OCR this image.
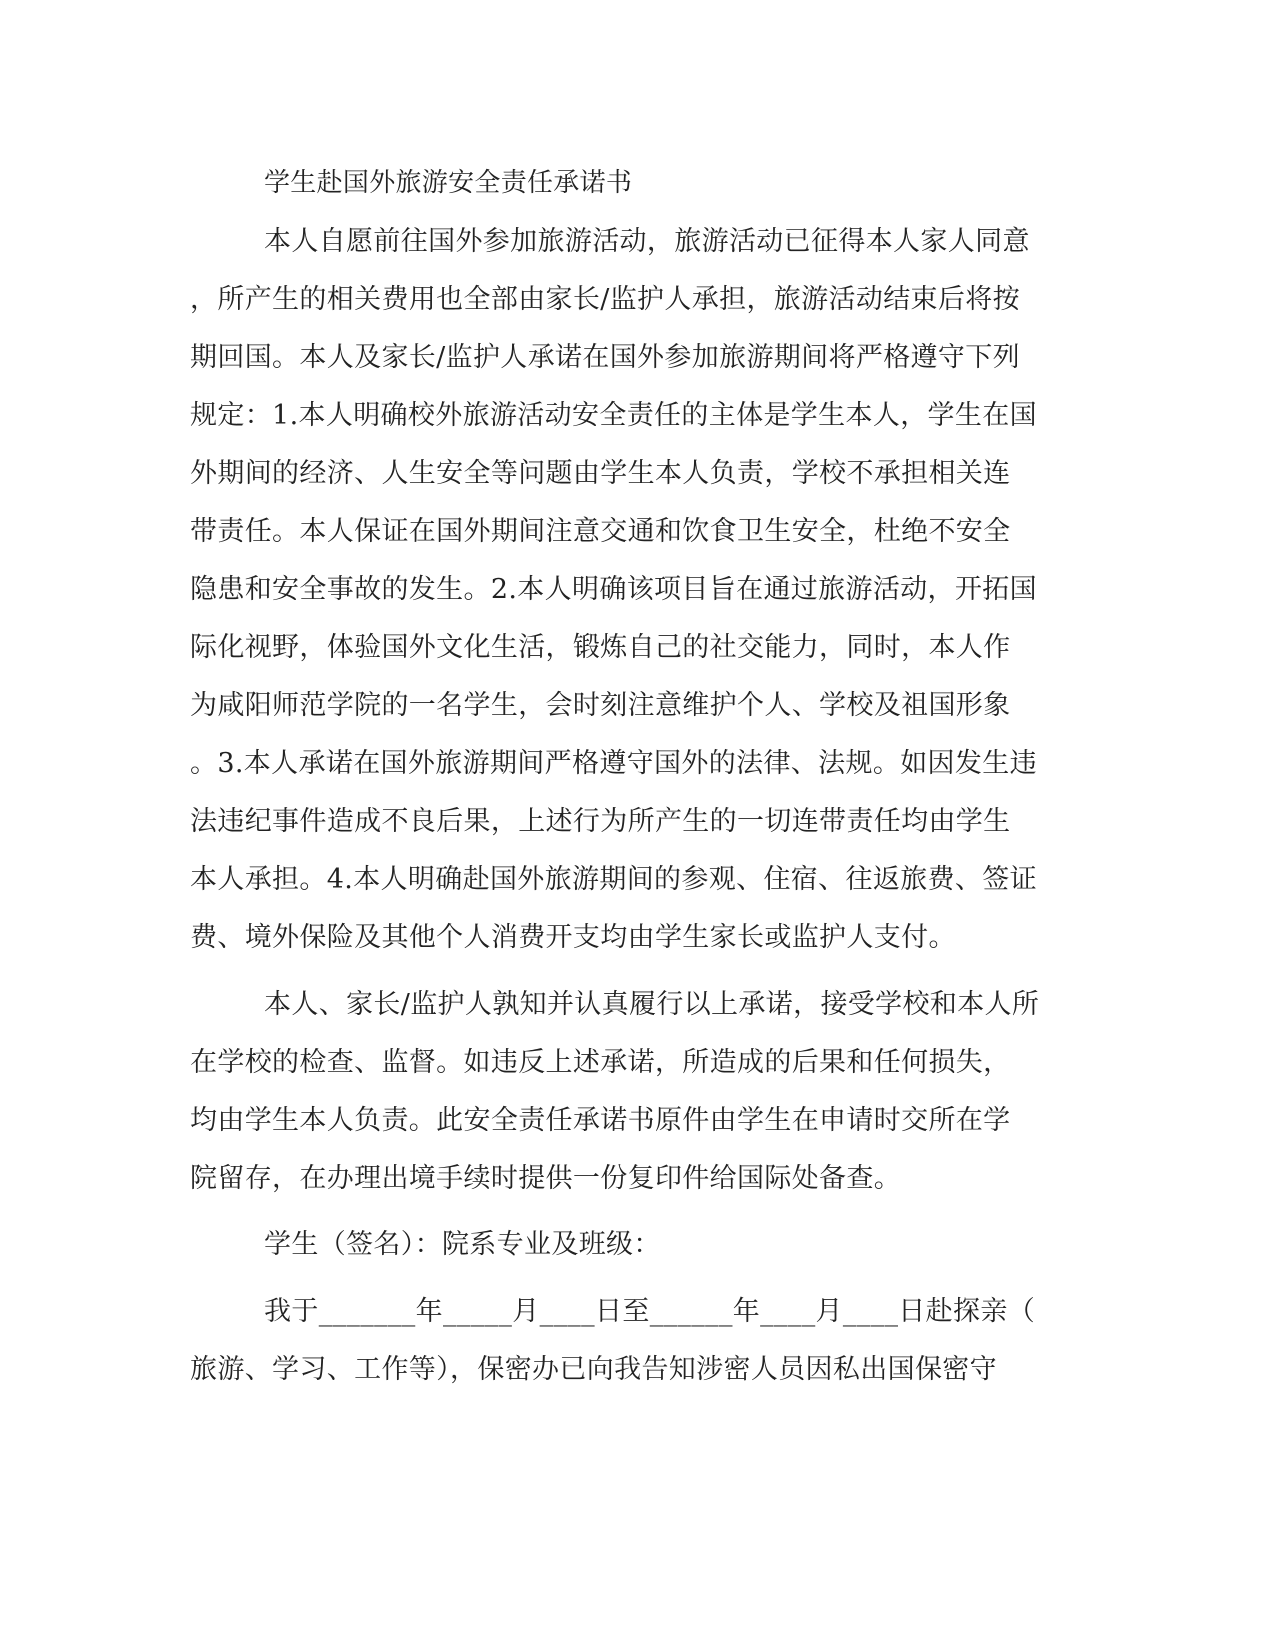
学生赴国外旅游安全责任承诺书
本人自愿前往国外参加旅游活动，旅游活动已征得本人家人同意
，所产生的相关费用也全部由家长/监护人承担，旅游活动结束后将按
期回国。本人及家长/监护人承诺在国外参加旅游期间将严格遵守下列
规定：1.本人明确校外旅游活动安全责任的主体是学生本人，学生在国
外期间的经济、人生安全等问题由学生本人负责，学校不承担相关连
带责任。本人保证在国外期间注意交通和饮食卫生安全，杜绝不安全
隐患和安全事故的发生。2.本人明确该项目旨在通过旅游活动，开拓国
际化视野，体验国外文化生活，锻炼自己的社交能力，同时，本人作
为咸阳师范学院的一名学生，会时刻注意维护个人、学校及祖国形象
。3.本人承诺在国外旅游期间严格遵守国外的法律、法规。如因发生违
法违纪事件造成不良后果，上述行为所产生的一切连带责任均由学生
本人承担。4.本人明确赴国外旅游期间的参观、住宿、往返旅费、签证
费、境外保险及其他个人消费开支均由学生家长或监护人支付。
本人、家长/监护人孰知并认真履行以上承诺，接受学校和本人所
在学校的检查、监督。如违反上述承诺，所造成的后果和任何损失，
均由学生本人负责。此安全责任承诺书原件由学生在申请时交所在学
院留存，在办理出境手续时提供一份复印件给国际处备查。
学生（签名）：院系专业及班级：
我于_______年_____月____日至______年____月____日赴探亲（
旅游、学习、工作等），保密办已向我告知涉密人员因私出国保密守
